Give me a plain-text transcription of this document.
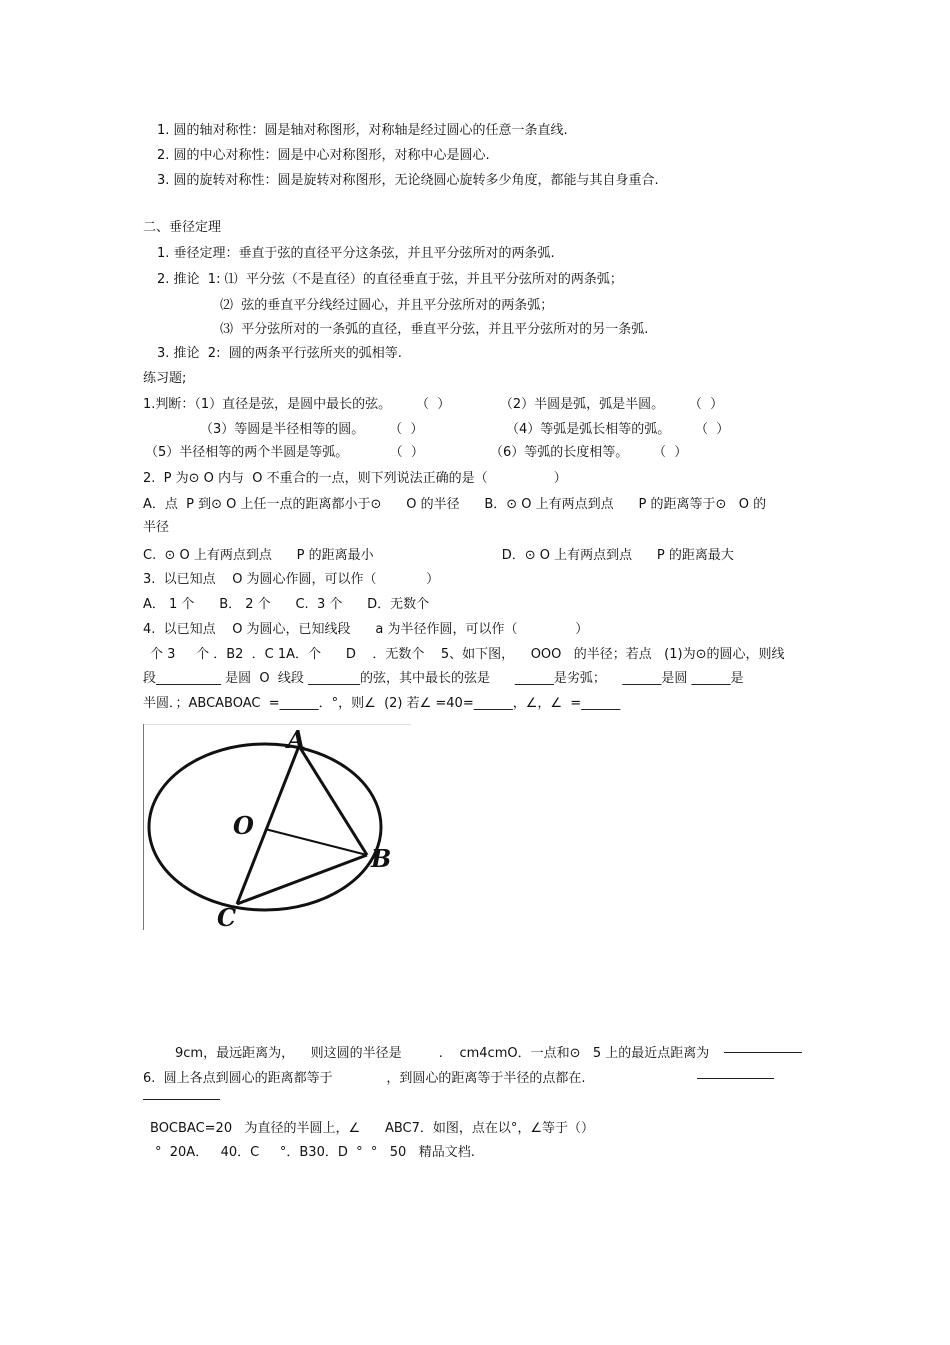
1. 圆的轴对称性：圆是轴对称图形，对称轴是经过圆心的任意一条直线.
2. 圆的中心对称性：圆是中心对称图形，对称中心是圆心.
3. 圆的旋转对称性：圆是旋转对称图形，无论绕圆心旋转多少角度，都能与其自身重合.
二、垂径定理
1. 垂径定理：垂直于弦的直径平分这条弦，并且平分弦所对的两条弧.
2. 推论  1: ⑴  平分弦（不是直径）的直径垂直于弦，并且平分弦所对的两条弧；
⑵  弦的垂直平分线经过圆心，并且平分弦所对的两条弧；
⑶  平分弦所对的一条弧的直径，垂直平分弦，并且平分弦所对的另一条弧.
3. 推论  2:  圆的两条平行弦所夹的弧相等.
练习题;
1.判断：（1）直径是弦，是圆中最长的弦。      （  ）            （2）半圆是弧，弧是半圆。      （  ）
（3）等圆是半径相等的圆。      （  ）                    （4）等弧是弧长相等的弧。      （  ）
（5）半径相等的两个半圆是等弧。          （  ）                （6）等弧的长度相等。      （  ）
2.  P 为⊙ O 内与  O 不重合的一点，则下列说法正确的是（                ）
A．点  P 到⊙ O 上任一点的距离都小于⊙      O 的半径      B．⊙ O 上有两点到点      P 的距离等于⊙   O 的
半径
C.  ⊙ O 上有两点到点      P 的距离最小                               D．⊙ O 上有两点到点      P 的距离最大
3.  以已知点    O 为圆心作圆，可以作（            ）
A． 1 个      B． 2 个      C.  3 个      D．无数个
4.  以已知点    O 为圆心，已知线段      a 为半径作圆，可以作（              ）
个 3     个 ．B2  ．C 1A．个      D    ．无数个    5、如下图，    OOO   的半径；若点   (1)为⊙的圆心，则线
段__________ 是圆  O  线段 ________的弦，其中最长的弦是      ______是劣弧；    ______是圆 ______是
半圆．；ABCABOAC  =______．°，则∠  (2) 若∠ =40=______，∠，∠  =______
A
O
B
C
9cm，最远距离为，    则这圆的半径是         .    cm4cmO．一点和⊙   5 上的最近点距离为
6.  圆上各点到圆心的距离都等于             ，到圆心的距离等于半径的点都在.
BOCBAC=20   为直径的半圆上，∠      ABC7．如图，点在以°，∠等于（）
°  20A．   40．C     °．B30．D  °  °   50   精品文档.
